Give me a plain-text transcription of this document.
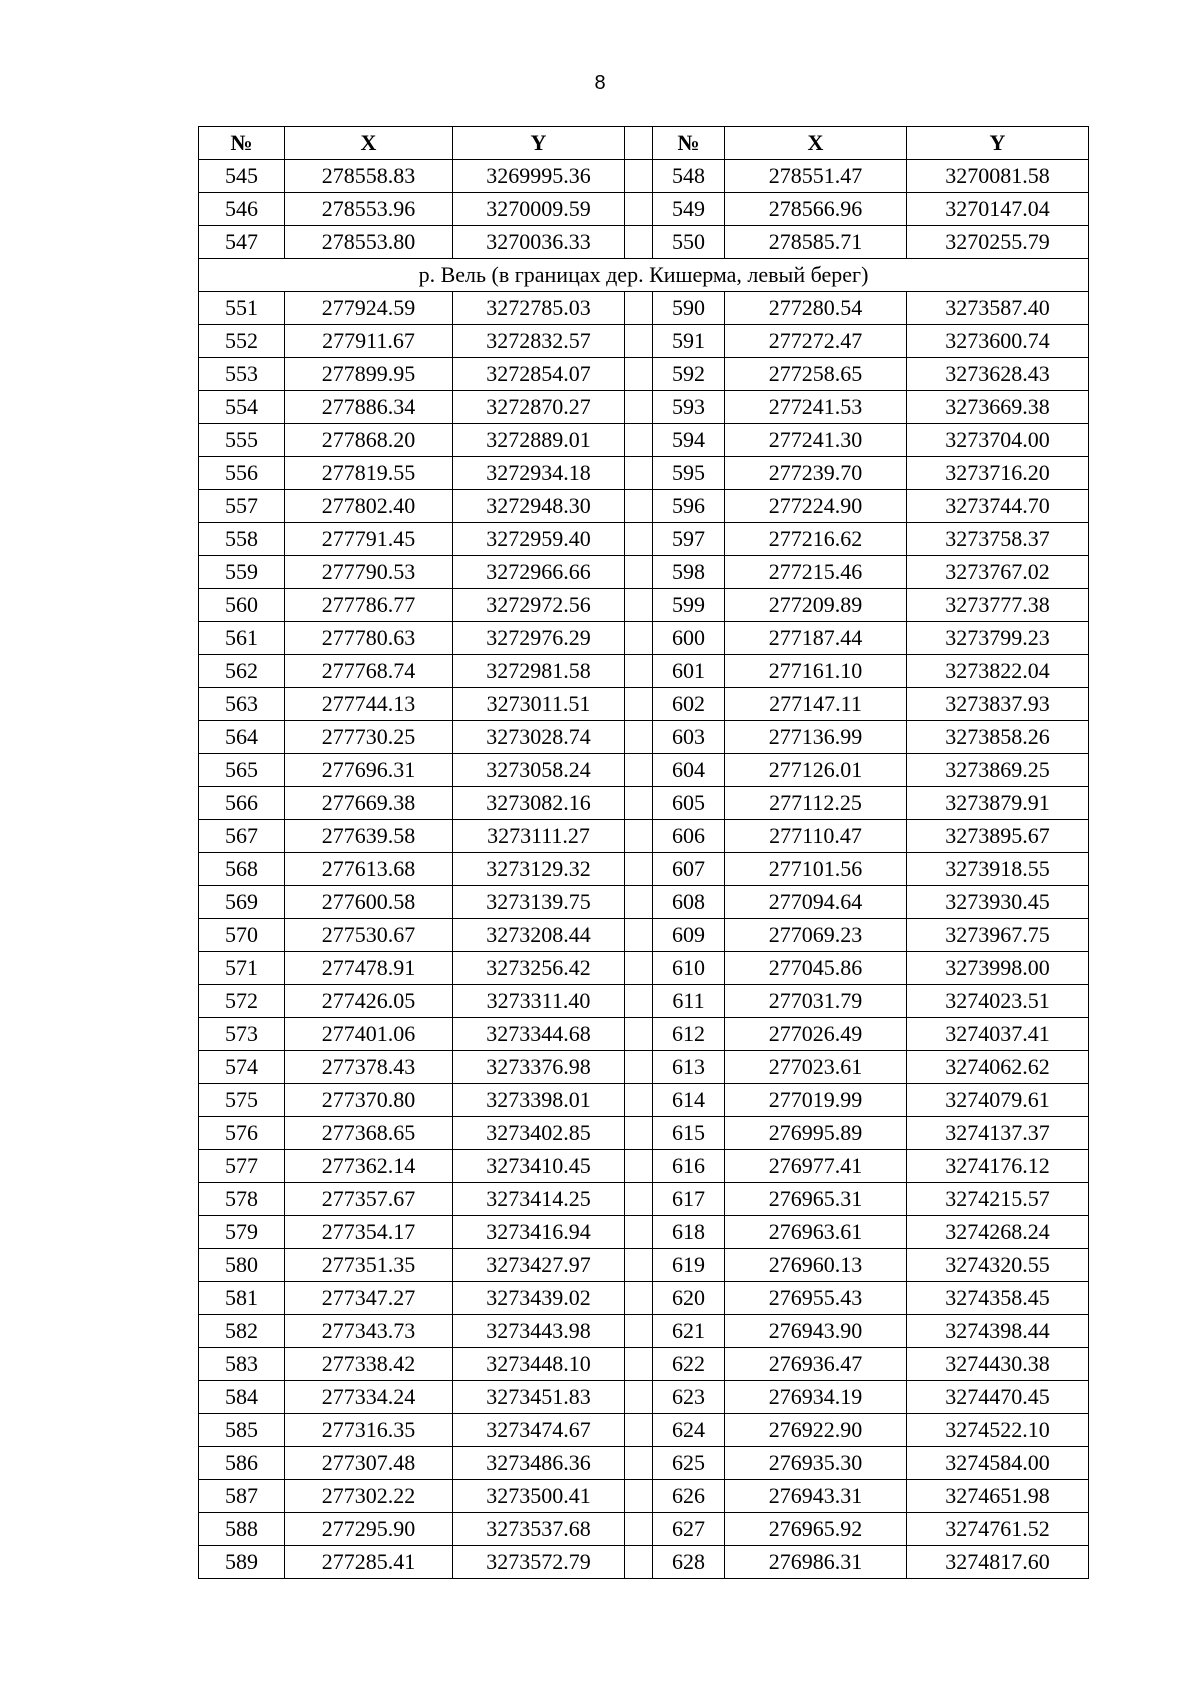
8
№	X	Y		№	X	Y
545	278558.83	3269995.36		548	278551.47	3270081.58
546	278553.96	3270009.59		549	278566.96	3270147.04
547	278553.80	3270036.33		550	278585.71	3270255.79
р. Вель (в границах дер. Кишерма, левый берег)						
551	277924.59	3272785.03		590	277280.54	3273587.40
552	277911.67	3272832.57		591	277272.47	3273600.74
553	277899.95	3272854.07		592	277258.65	3273628.43
554	277886.34	3272870.27		593	277241.53	3273669.38
555	277868.20	3272889.01		594	277241.30	3273704.00
556	277819.55	3272934.18		595	277239.70	3273716.20
557	277802.40	3272948.30		596	277224.90	3273744.70
558	277791.45	3272959.40		597	277216.62	3273758.37
559	277790.53	3272966.66		598	277215.46	3273767.02
560	277786.77	3272972.56		599	277209.89	3273777.38
561	277780.63	3272976.29		600	277187.44	3273799.23
562	277768.74	3272981.58		601	277161.10	3273822.04
563	277744.13	3273011.51		602	277147.11	3273837.93
564	277730.25	3273028.74		603	277136.99	3273858.26
565	277696.31	3273058.24		604	277126.01	3273869.25
566	277669.38	3273082.16		605	277112.25	3273879.91
567	277639.58	3273111.27		606	277110.47	3273895.67
568	277613.68	3273129.32		607	277101.56	3273918.55
569	277600.58	3273139.75		608	277094.64	3273930.45
570	277530.67	3273208.44		609	277069.23	3273967.75
571	277478.91	3273256.42		610	277045.86	3273998.00
572	277426.05	3273311.40		611	277031.79	3274023.51
573	277401.06	3273344.68		612	277026.49	3274037.41
574	277378.43	3273376.98		613	277023.61	3274062.62
575	277370.80	3273398.01		614	277019.99	3274079.61
576	277368.65	3273402.85		615	276995.89	3274137.37
577	277362.14	3273410.45		616	276977.41	3274176.12
578	277357.67	3273414.25		617	276965.31	3274215.57
579	277354.17	3273416.94		618	276963.61	3274268.24
580	277351.35	3273427.97		619	276960.13	3274320.55
581	277347.27	3273439.02		620	276955.43	3274358.45
582	277343.73	3273443.98		621	276943.90	3274398.44
583	277338.42	3273448.10		622	276936.47	3274430.38
584	277334.24	3273451.83		623	276934.19	3274470.45
585	277316.35	3273474.67		624	276922.90	3274522.10
586	277307.48	3273486.36		625	276935.30	3274584.00
587	277302.22	3273500.41		626	276943.31	3274651.98
588	277295.90	3273537.68		627	276965.92	3274761.52
589	277285.41	3273572.79		628	276986.31	3274817.60
